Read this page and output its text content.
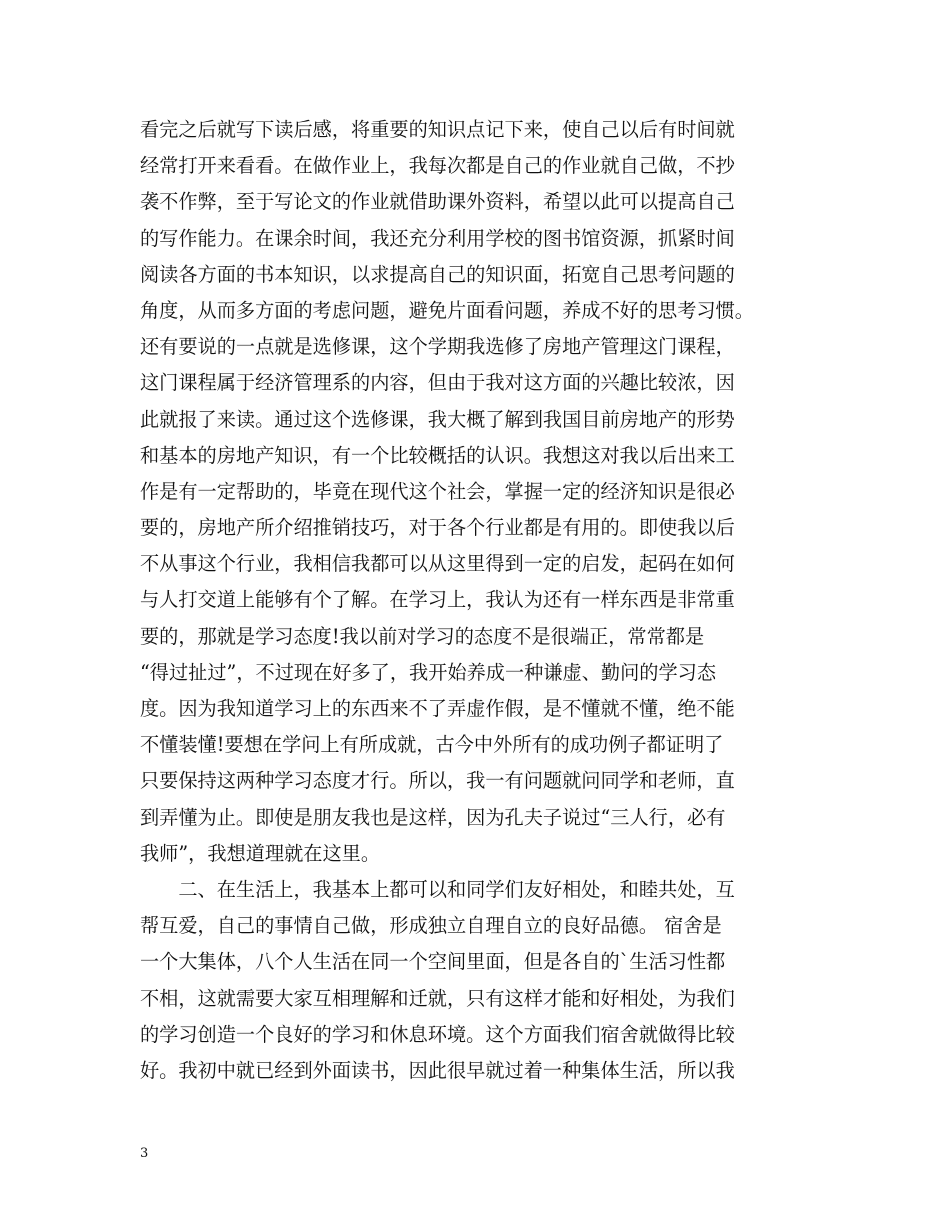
看完之后就写下读后感，将重要的知识点记下来，使自己以后有时间就
经常打开来看看。在做作业上，我每次都是自己的作业就自己做，不抄
袭不作弊，至于写论文的作业就借助课外资料，希望以此可以提高自己
的写作能力。在课余时间，我还充分利用学校的图书馆资源，抓紧时间
阅读各方面的书本知识，以求提高自己的知识面，拓宽自己思考问题的
角度，从而多方面的考虑问题，避免片面看问题，养成不好的思考习惯。
还有要说的一点就是选修课，这个学期我选修了房地产管理这门课程，
这门课程属于经济管理系的内容，但由于我对这方面的兴趣比较浓，因
此就报了来读。通过这个选修课，我大概了解到我国目前房地产的形势
和基本的房地产知识，有一个比较概括的认识。我想这对我以后出来工
作是有一定帮助的，毕竟在现代这个社会，掌握一定的经济知识是很必
要的，房地产所介绍推销技巧，对于各个行业都是有用的。即使我以后
不从事这个行业，我相信我都可以从这里得到一定的启发，起码在如何
与人打交道上能够有个了解。在学习上，我认为还有一样东西是非常重
要的，那就是学习态度!我以前对学习的态度不是很端正，常常都是
“得过扯过”，不过现在好多了，我开始养成一种谦虚、勤问的学习态
度。因为我知道学习上的东西来不了弄虚作假，是不懂就不懂，绝不能
不懂装懂!要想在学问上有所成就，古今中外所有的成功例子都证明了
只要保持这两种学习态度才行。所以，我一有问题就问同学和老师，直
到弄懂为止。即使是朋友我也是这样，因为孔夫子说过“三人行，必有
我师”，我想道理就在这里。
　　二、在生活上，我基本上都可以和同学们友好相处，和睦共处，互
帮互爱，自己的事情自己做，形成独立自理自立的良好品德。 宿舍是
一个大集体，八个人生活在同一个空间里面，但是各自的`生活习性都
不相，这就需要大家互相理解和迁就，只有这样才能和好相处，为我们
的学习创造一个良好的学习和休息环境。这个方面我们宿舍就做得比较
好。我初中就已经到外面读书，因此很早就过着一种集体生活，所以我
3
